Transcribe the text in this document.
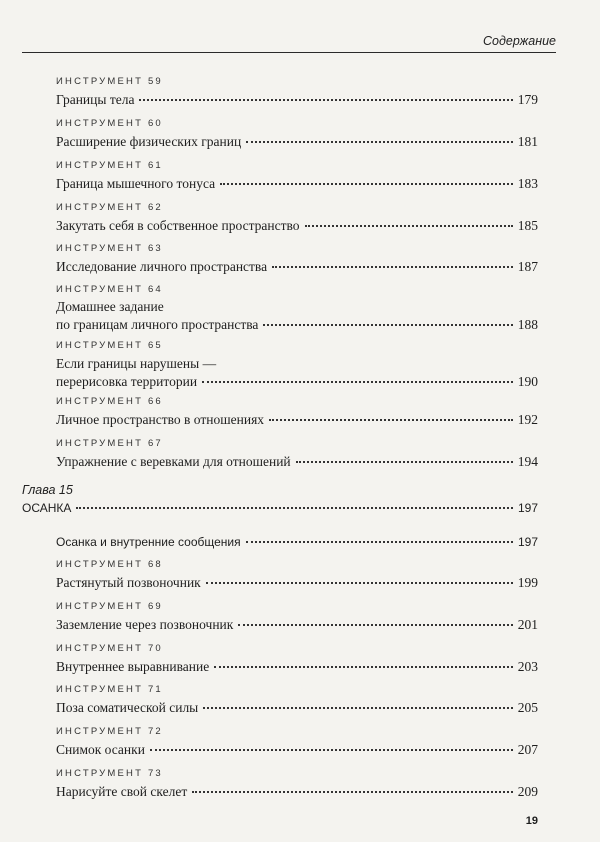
Содержание
ИНСТРУМЕНТ 59
Границы тела	179
ИНСТРУМЕНТ 60
Расширение физических границ	181
ИНСТРУМЕНТ 61
Граница мышечного тонуса	183
ИНСТРУМЕНТ 62
Закутать себя в собственное пространство	185
ИНСТРУМЕНТ 63
Исследование личного пространства	187
ИНСТРУМЕНТ 64
Домашнее задание
по границам личного пространства	188
ИНСТРУМЕНТ 65
Если границы нарушены —
перерисовка территории	190
ИНСТРУМЕНТ 66
Личное пространство в отношениях	192
ИНСТРУМЕНТ 67
Упражнение с веревками для отношений	194
Глава 15
ОСАНКА	197
Осанка и внутренние сообщения	197
ИНСТРУМЕНТ 68
Растянутый позвоночник	199
ИНСТРУМЕНТ 69
Заземление через позвоночник	201
ИНСТРУМЕНТ 70
Внутреннее выравнивание	203
ИНСТРУМЕНТ 71
Поза соматической силы	205
ИНСТРУМЕНТ 72
Снимок осанки	207
ИНСТРУМЕНТ 73
Нарисуйте свой скелет	209
19
